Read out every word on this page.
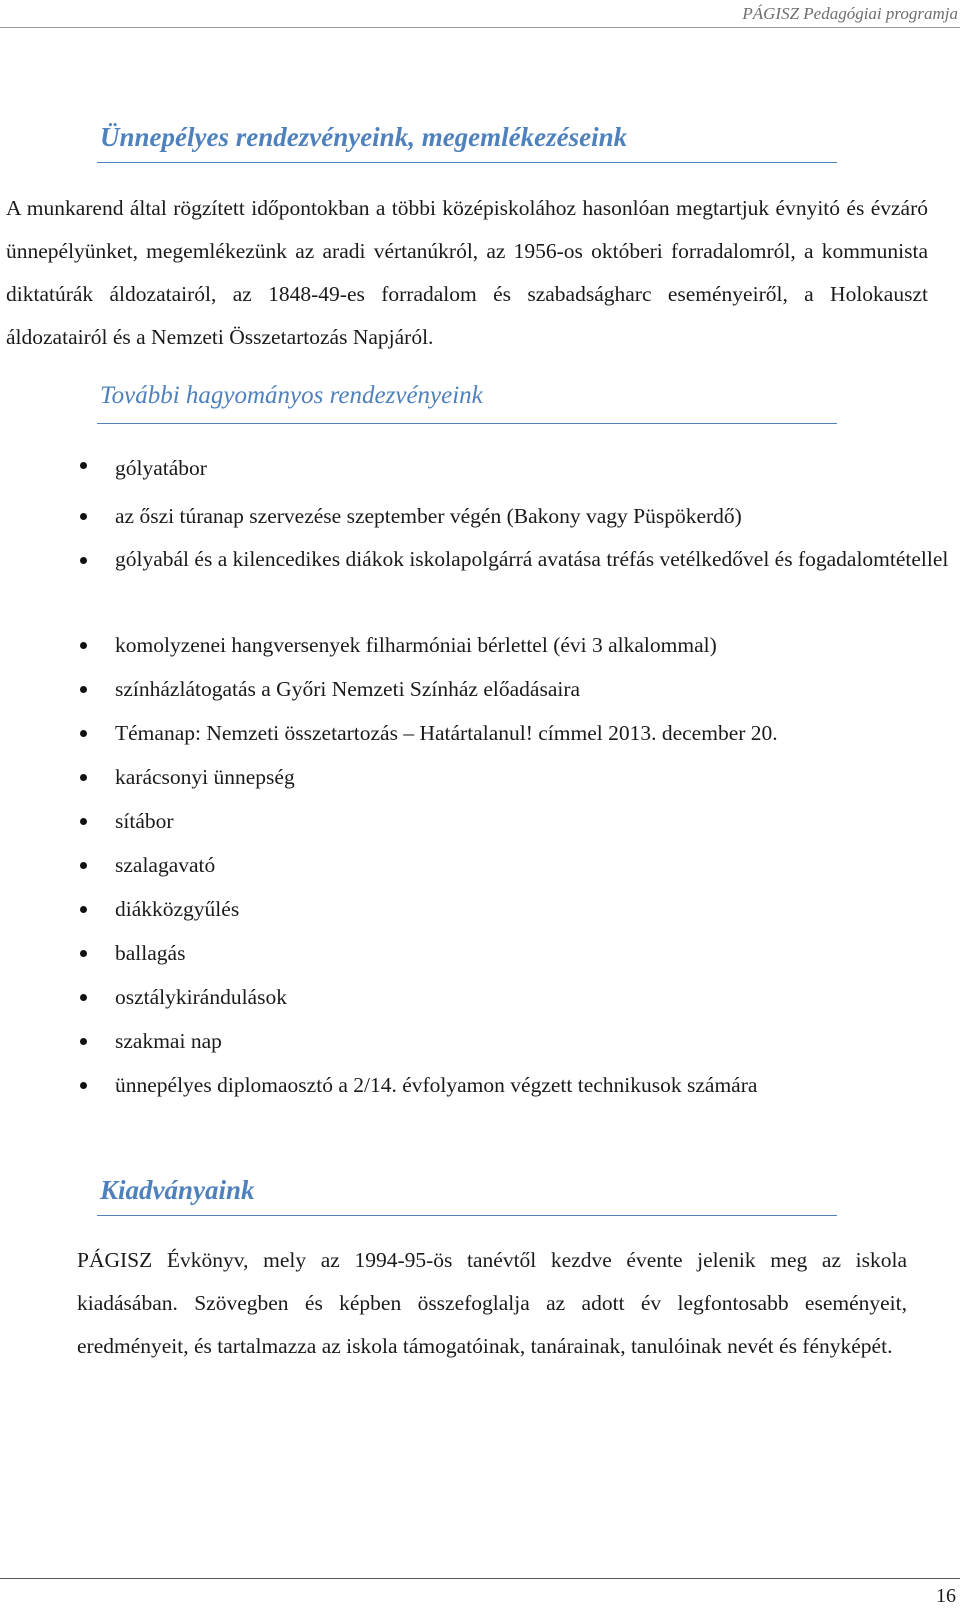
PÁGISZ Pedagógiai programja
Ünnepélyes rendezvényeink, megemlékezéseink
A munkarend által rögzített időpontokban a többi középiskolához hasonlóan megtartjuk évnyitó és évzáró ünnepélyünket, megemlékezünk az aradi vértanúkról, az 1956-os októberi forradalomról, a kommunista diktatúrák áldozatairól, az 1848-49-es forradalom és szabadságharc eseményeiről, a Holokauszt áldozatairól és a Nemzeti Összetartozás Napjáról.
További hagyományos rendezvényeink
gólyatábor
az őszi túranap szervezése szeptember végén (Bakony vagy Püspökerdő)
gólyabál és a kilencedikes diákok iskolapolgárrá avatása tréfás vetélkedővel és fogadalomtétellel
komolyzenei hangversenyek filharmóniai bérlettel (évi 3 alkalommal)
színházlátogatás a Győri Nemzeti Színház előadásaira
Témanap: Nemzeti összetartozás – Határtalanul! címmel 2013. december 20.
karácsonyi ünnepség
sítábor
szalagavató
diákközgyűlés
ballagás
osztálykirándulások
szakmai nap
ünnepélyes diplomaosztó a 2/14. évfolyamon végzett technikusok számára
Kiadványaink
PÁGISZ Évkönyv, mely az 1994-95-ös tanévtől kezdve évente jelenik meg az iskola kiadásában. Szövegben és képben összefoglalja az adott év legfontosabb eseményeit, eredményeit, és tartalmazza az iskola támogatóinak, tanárainak, tanulóinak nevét és fényképét.
16
